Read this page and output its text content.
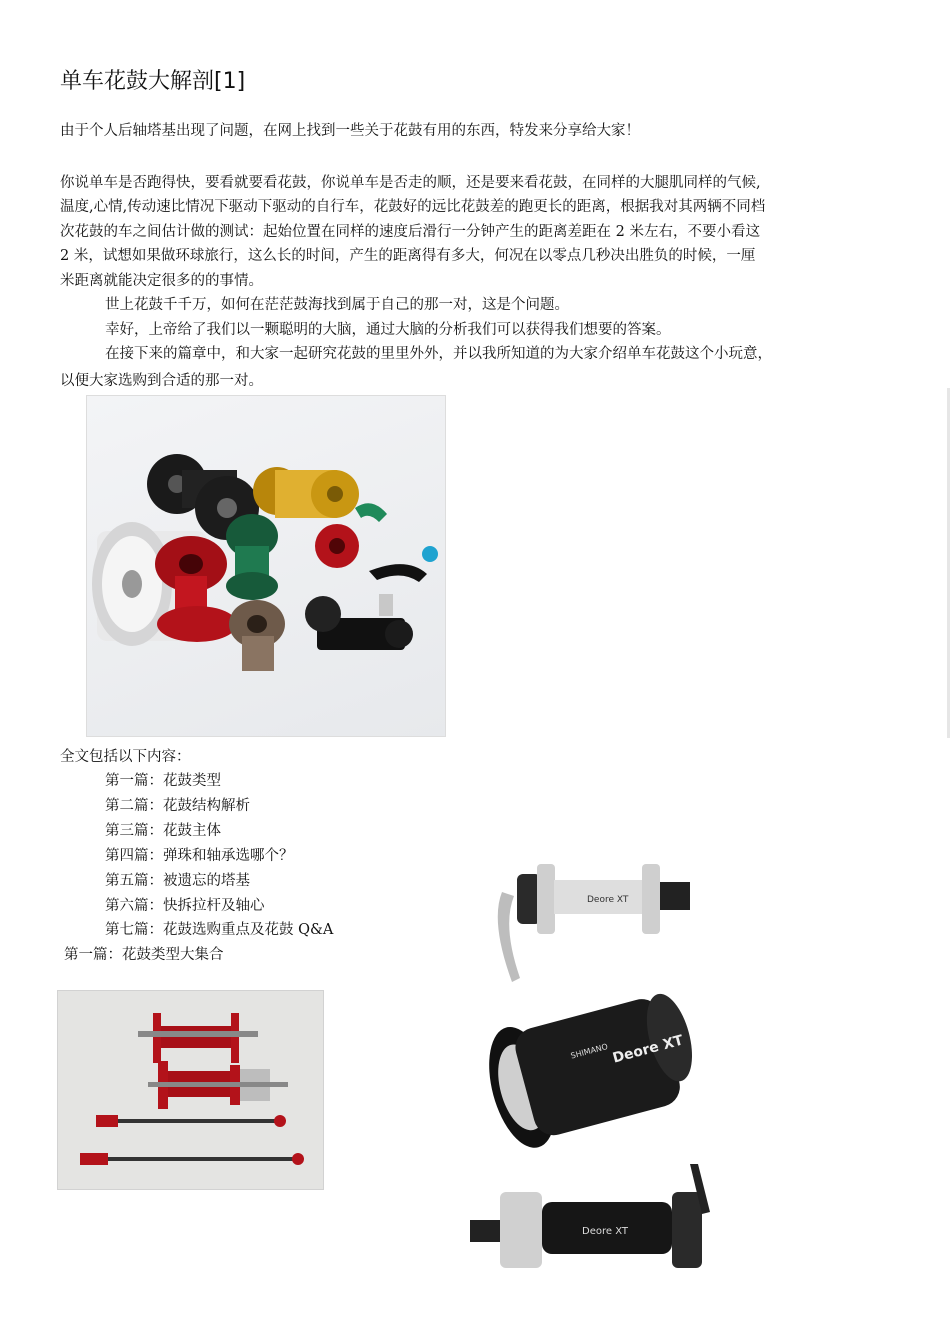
单车花鼓大解剖[1]

由于个人后轴塔基出现了问题，在网上找到一些关于花鼓有用的东西，特发来分享给大家！

你说单车是否跑得快，要看就要看花鼓，你说单车是否走的顺，还是要来看花鼓，在同样的大腿肌同样的气候,

温度,心情,传动速比情况下驱动下驱动的自行车，花鼓好的远比花鼓差的跑更长的距离，根据我对其两辆不同档

次花鼓的车之间估计做的测试：起始位置在同样的速度后滑行一分钟产生的距离差距在 2 米左右，不要小看这

2 米，试想如果做环球旅行，这么长的时间，产生的距离得有多大，何况在以零点几秒决出胜负的时候，一厘

米距离就能决定很多的的事情。

世上花鼓千千万，如何在茫茫鼓海找到属于自己的那一对，这是个问题。

幸好，上帝给了我们以一颗聪明的大脑，通过大脑的分析我们可以获得我们想要的答案。

在接下来的篇章中，和大家一起研究花鼓的里里外外，并以我所知道的为大家介绍单车花鼓这个小玩意，

以便大家选购到合适的那一对。

全文包括以下内容：
第一篇：花鼓类型
第二篇：花鼓结构解析
第三篇：花鼓主体
第四篇：弹珠和轴承选哪个？
第五篇：被遗忘的塔基
第六篇：快拆拉杆及轴心
第七篇：花鼓选购重点及花鼓 Q&A
第一篇：花鼓类型大集合
Deore XT
SHIMANO Deore XT
Deore XT
